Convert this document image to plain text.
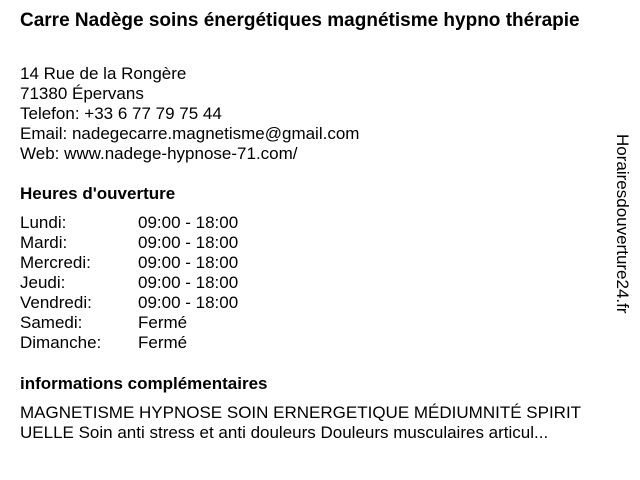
Carre Nadège soins énergétiques magnétisme hypno thérapie
14 Rue de la Rongère
71380 Épervans
Telefon: +33 6 77 79 75 44
Email: nadegecarre.magnetisme@gmail.com
Web: www.nadege-hypnose-71.com/
Heures d'ouverture
Lundi:	09:00 - 18:00
Mardi:	09:00 - 18:00
Mercredi:	09:00 - 18:00
Jeudi:	09:00 - 18:00
Vendredi:	09:00 - 18:00
Samedi:	Fermé
Dimanche: Fermé
informations complémentaires
MAGNETISME HYPNOSE SOIN ERNERGETIQUE MÉDIUMNITÉ SPIRIT
UELLE Soin anti stress et anti douleurs Douleurs musculaires articul...
Horairesdouverture24.fr
